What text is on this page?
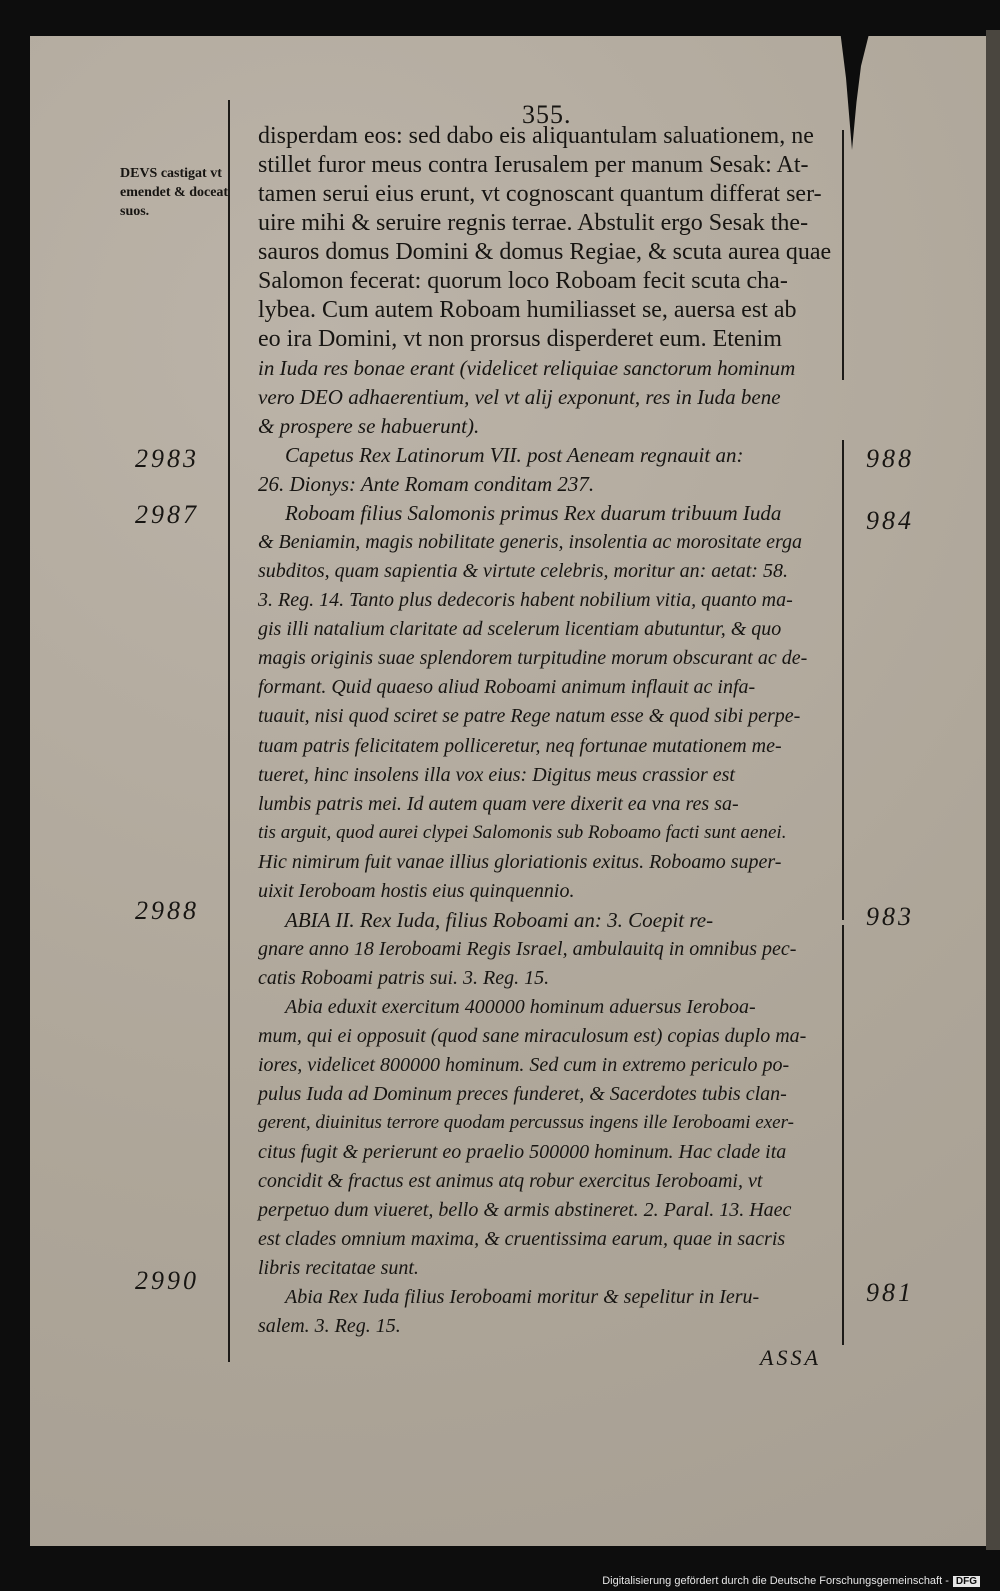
355.
DEVS castigat vt emendet & doceat suos.
2983
2987
2988
2990
988
984
983
981
disperdam eos: sed dabo eis aliquantulam saluationem, ne
stillet furor meus contra Ierusalem per manum Sesak: At-
tamen serui eius erunt, vt cognoscant quantum differat ser-
uire mihi & seruire regnis terrae. Abstulit ergo Sesak the-
sauros domus Domini & domus Regiae, & scuta aurea quae
Salomon fecerat: quorum loco Roboam fecit scuta cha-
lybea. Cum autem Roboam humiliasset se, auersa est ab
eo ira Domini, vt non prorsus disperderet eum. Etenim
in Iuda res bonae erant (videlicet reliquiae sanctorum hominum
vero DEO adhaerentium, vel vt alij exponunt, res in Iuda bene
& prospere se habuerunt).
Capetus Rex Latinorum VII. post Aeneam regnauit an:
26. Dionys: Ante Romam conditam 237.
Roboam filius Salomonis primus Rex duarum tribuum Iuda
& Beniamin, magis nobilitate generis, insolentia ac morositate erga
subditos, quam sapientia & virtute celebris, moritur an: aetat: 58.
3. Reg. 14. Tanto plus dedecoris habent nobilium vitia, quanto ma-
gis illi natalium claritate ad scelerum licentiam abutuntur, & quo
magis originis suae splendorem turpitudine morum obscurant ac de-
formant. Quid quaeso aliud Roboami animum inflauit ac infa-
tuauit, nisi quod sciret se patre Rege natum esse & quod sibi perpe-
tuam patris felicitatem polliceretur, neq fortunae mutationem me-
tueret, hinc insolens illa vox eius: Digitus meus crassior est
lumbis patris mei. Id autem quam vere dixerit ea vna res sa-
tis arguit, quod aurei clypei Salomonis sub Roboamo facti sunt aenei.
Hic nimirum fuit vanae illius gloriationis exitus. Roboamo super-
uixit Ieroboam hostis eius quinquennio.
ABIA II. Rex Iuda, filius Roboami an: 3. Coepit re-
gnare anno 18 Ieroboami Regis Israel, ambulauitq in omnibus pec-
catis Roboami patris sui. 3. Reg. 15.
Abia eduxit exercitum 400000 hominum aduersus Ieroboa-
mum, qui ei opposuit (quod sane miraculosum est) copias duplo ma-
iores, videlicet 800000 hominum. Sed cum in extremo periculo po-
pulus Iuda ad Dominum preces funderet, & Sacerdotes tubis clan-
gerent, diuinitus terrore quodam percussus ingens ille Ieroboami exer-
citus fugit & perierunt eo praelio 500000 hominum. Hac clade ita
concidit & fractus est animus atq robur exercitus Ieroboami, vt
perpetuo dum viueret, bello & armis abstineret. 2. Paral. 13. Haec
est clades omnium maxima, & cruentissima earum, quae in sacris
libris recitatae sunt.
Abia Rex Iuda filius Ieroboami moritur & sepelitur in Ieru-
salem. 3. Reg. 15.
ASSA
Digitalisierung gefördert durch die Deutsche Forschungsgemeinschaft - DFG
